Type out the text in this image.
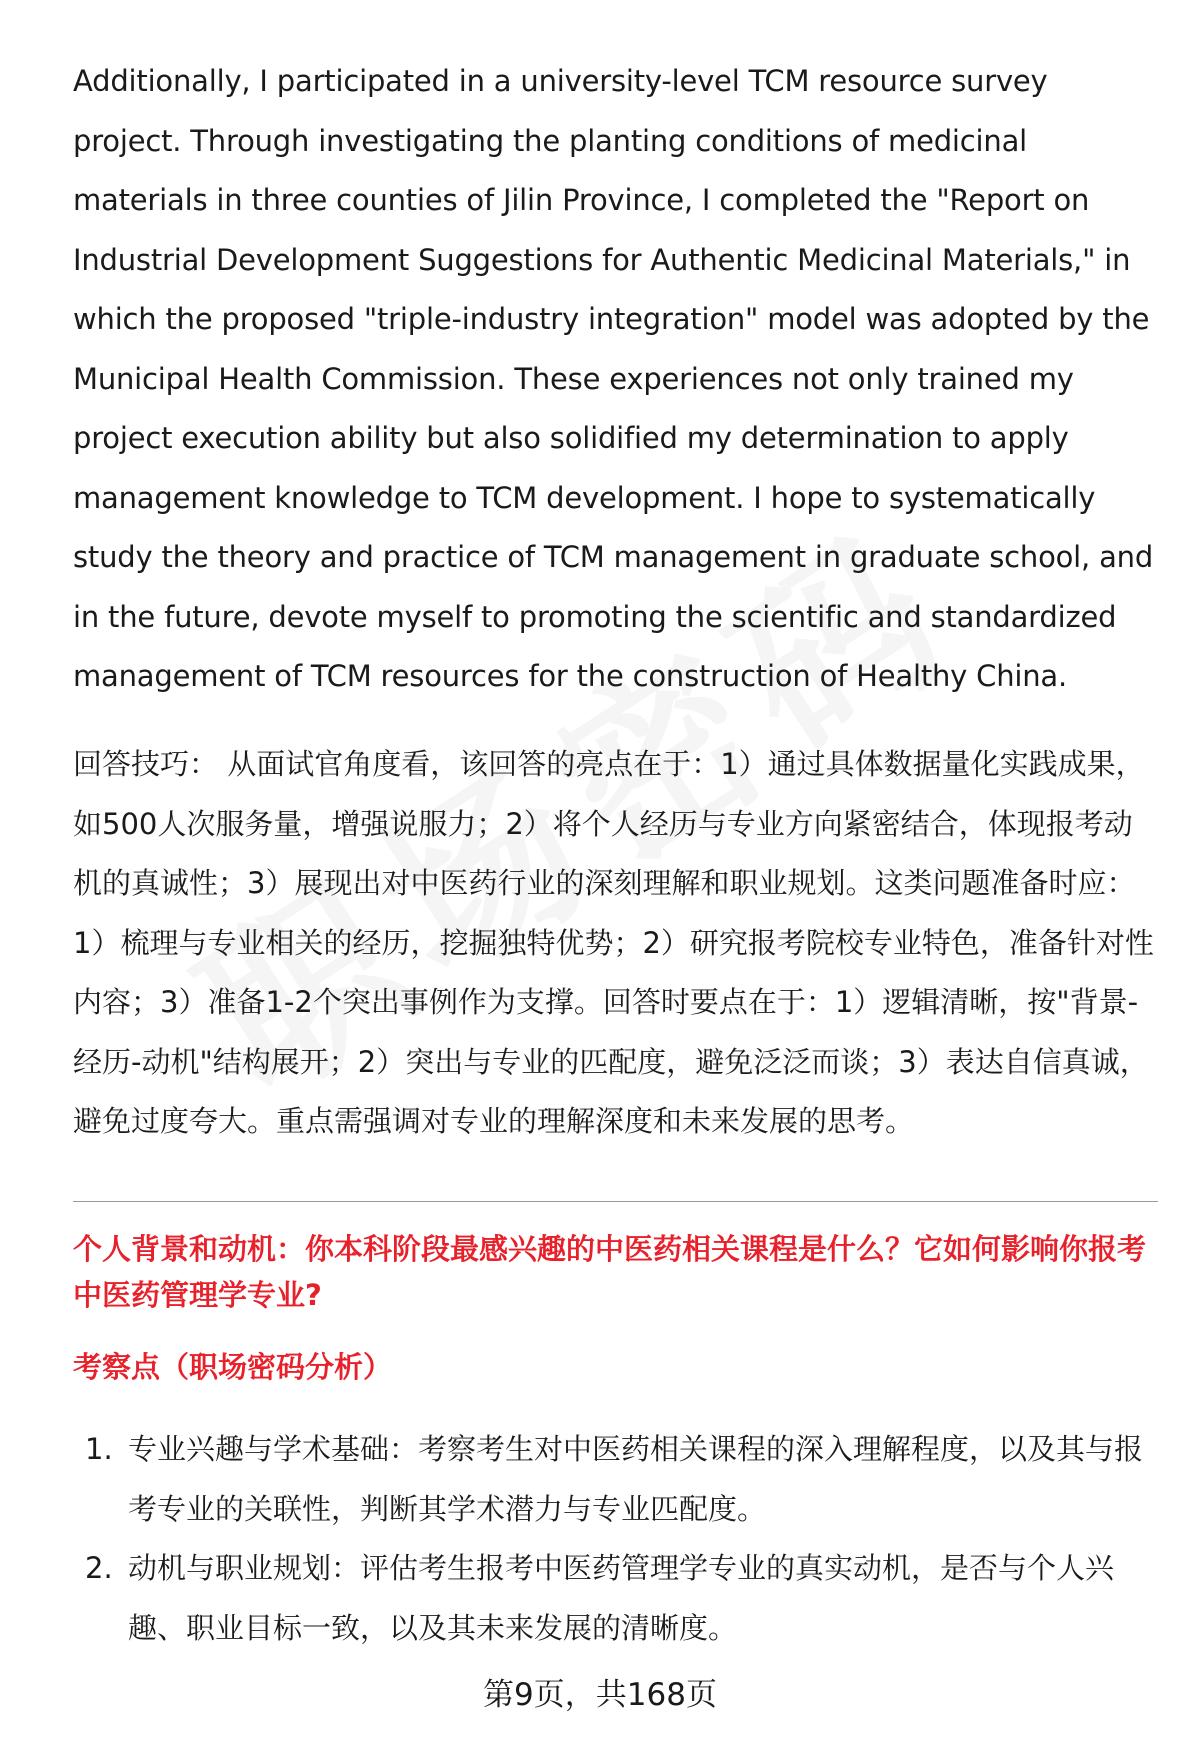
Additionally, I participated in a university-level TCM resource survey project. Through investigating the planting conditions of medicinal materials in three counties of Jilin Province, I completed the "Report on Industrial Development Suggestions for Authentic Medicinal Materials," in which the proposed "triple-industry integration" model was adopted by the Municipal Health Commission. These experiences not only trained my project execution ability but also solidified my determination to apply management knowledge to TCM development. I hope to systematically study the theory and practice of TCM management in graduate school, and in the future, devote myself to promoting the scientific and standardized management of TCM resources for the construction of Healthy China.

回答技巧： 从面试官角度看，该回答的亮点在于：1）通过具体数据量化实践成果，如500人次服务量，增强说服力；2）将个人经历与专业方向紧密结合，体现报考动机的真诚性；3）展现出对中医药行业的深刻理解和职业规划。这类问题准备时应：1）梳理与专业相关的经历，挖掘独特优势；2）研究报考院校专业特色，准备针对性内容；3）准备1-2个突出事例作为支撑。回答时要点在于：1）逻辑清晰，按"背景-经历-动机"结构展开；2）突出与专业的匹配度，避免泛泛而谈；3）表达自信真诚，避免过度夸大。重点需强调对专业的理解深度和未来发展的思考。

个人背景和动机：你本科阶段最感兴趣的中医药相关课程是什么？它如何影响你报考中医药管理学专业?

考察点（职场密码分析）

1. 专业兴趣与学术基础：考察考生对中医药相关课程的深入理解程度，以及其与报考专业的关联性，判断其学术潜力与专业匹配度。
2. 动机与职业规划：评估考生报考中医药管理学专业的真实动机，是否与个人兴趣、职业目标一致，以及其未来发展的清晰度。
第9页，共168页
